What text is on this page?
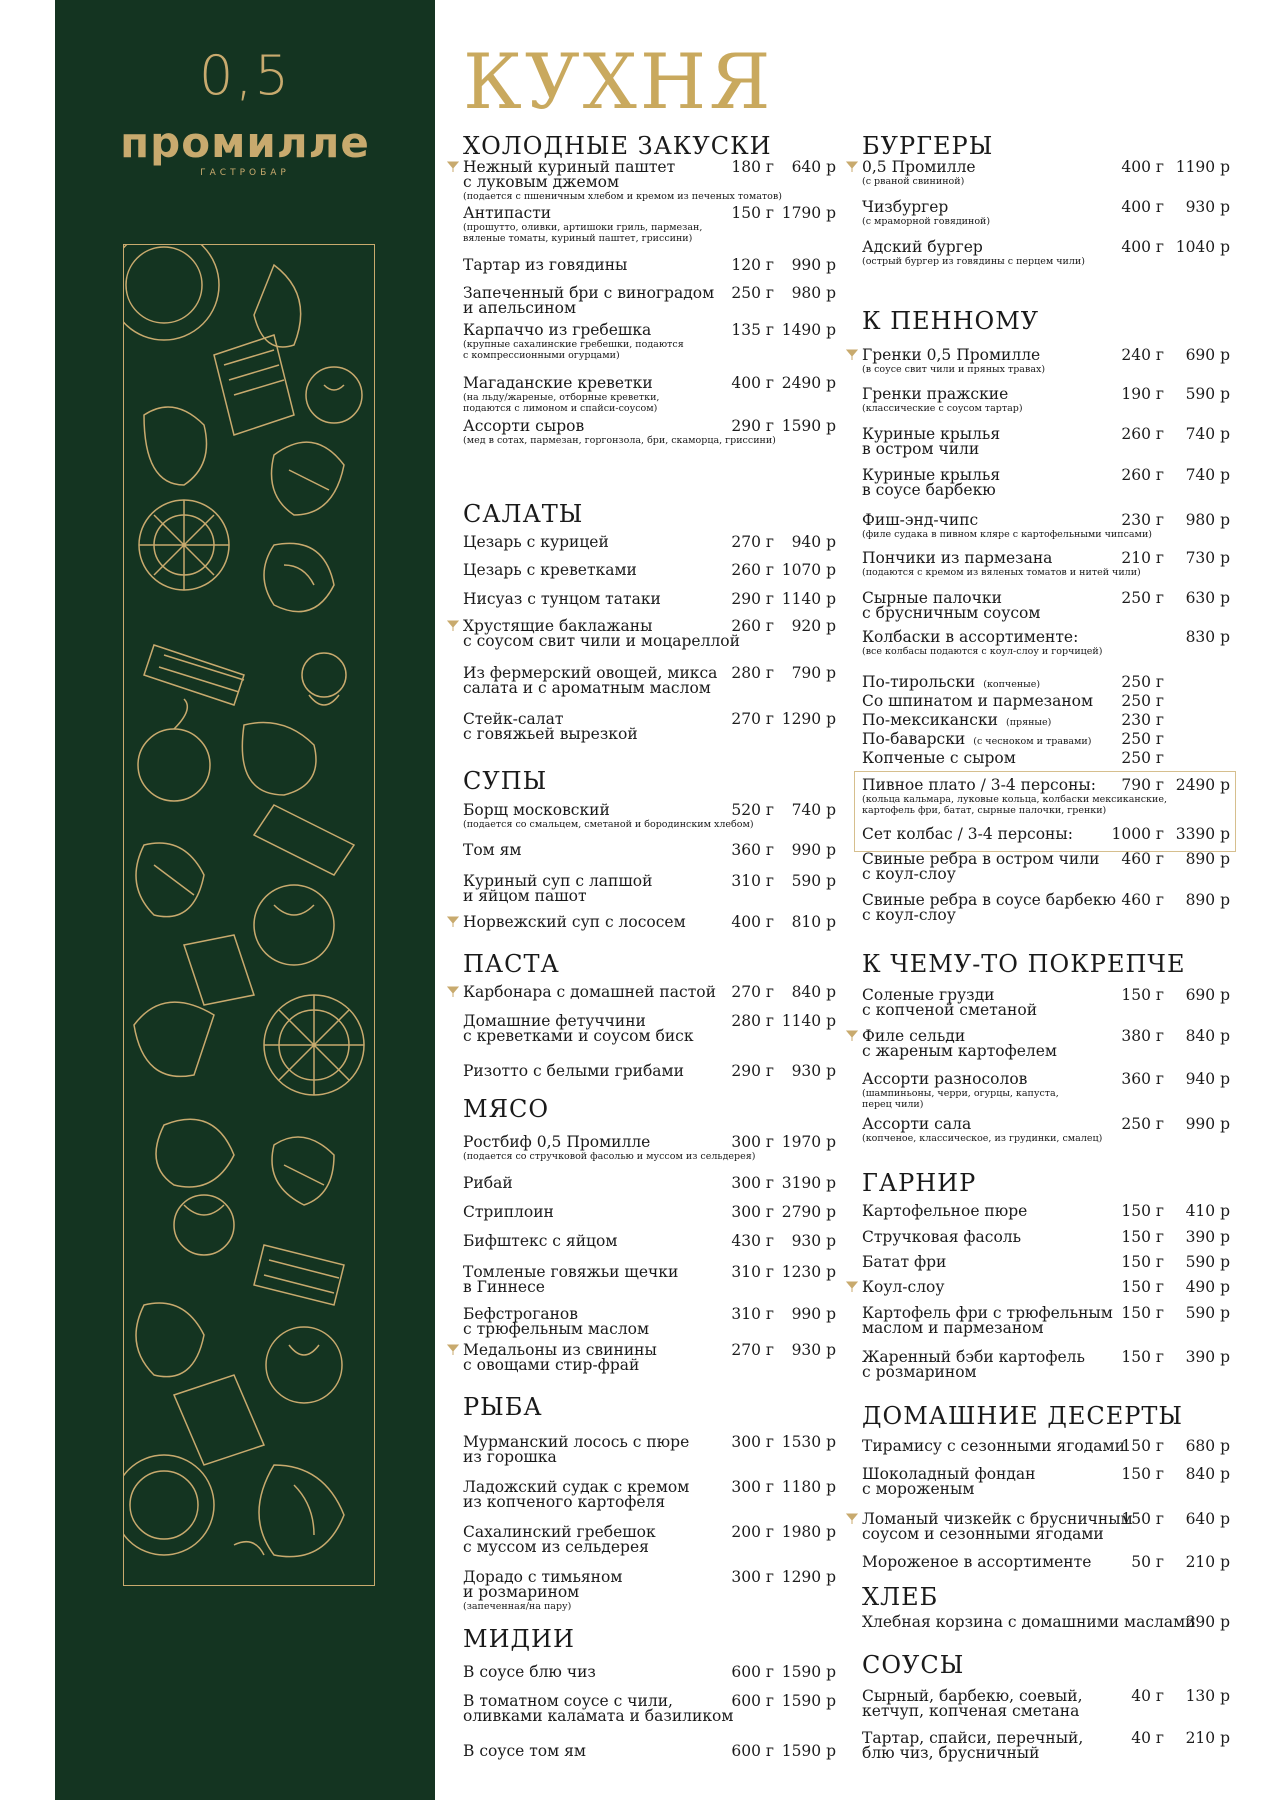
0,5
промилле
ГАСТРОБАР
КУХНЯ
ХОЛОДНЫЕ ЗАКУСКИ
Нежный куриный паштет
с луковым джемом
(подается с пшеничным хлебом и кремом из печеных томатов)
180 г 640 р
Антипасти
(прошутто, оливки, артишоки гриль, пармезан,
вяленые томаты, куриный паштет, гриссини)
150 г 1790 р
Тартар из говядины	120 г 990 р
Запеченный бри с виноградом
и апельсином
250 г 980 р
Карпаччо из гребешка
(крупные сахалинские гребешки, подаются
с компрессионными огурцами)
135 г 1490 р
Магаданские креветки
(на льду/жареные, отборные креветки,
подаются с лимоном и спайси-соусом)
400 г 2490 р
Ассорти сыров
(мед в сотах, пармезан, горгонзола, бри, скаморца, гриссини)
290 г 1590 р
САЛАТЫ
Цезарь с курицей	270 г 940 р
Цезарь с креветками	260 г 1070 р
Нисуаз с тунцом татаки	290 г 1140 р
Хрустящие баклажаны
с соусом свит чили и моцареллой
260 г 920 р
Из фермерский овощей, микса
салата и с ароматным маслом
280 г 790 р
Стейк-салат
с говяжьей вырезкой
270 г 1290 р
СУПЫ
Борщ московский
(подается со смальцем, сметаной и бородинским хлебом)
520 г 740 р
Том ям	360 г 990 р
Куриный суп с лапшой
и яйцом пашот
310 г 590 р
Норвежский суп с лососем	400 г 810 р
ПАСТА
Карбонара с домашней пастой 270 г 840 р
Домашние фетуччини
с креветками и соусом биск
280 г 1140 р
Ризотто с белыми грибами	290 г 930 р
МЯСО
Ростбиф 0,5 Промилле
(подается со стручковой фасолью и муссом из сельдерея)
300 г 1970 р
Рибай	300 г 3190 р
Стриплоин	300 г 2790 р
Бифштекс с яйцом	430 г 930 р
Томленые говяжьи щечки
в Гиннесе
310 г 1230 р
Бефстроганов
с трюфельным маслом
310 г 990 р
Медальоны из свинины
с овощами стир-фрай
270 г 930 р
РЫБА
Мурманский лосось с пюре
из горошка
300 г 1530 р
Ладожский судак с кремом
из копченого картофеля
300 г 1180 р
Сахалинский гребешок
с муссом из сельдерея
200 г 1980 р
Дорадо с тимьяном
и розмарином
(запеченная/на пару)
300 г 1290 р
МИДИИ
В соусе блю чиз	600 г 1590 р
В томатном соусе с чили,
оливками каламата и базиликом
600 г 1590 р
В соусе том ям	600 г 1590 р
БУРГЕРЫ
0,5 Промилле
(с рваной свининой)
400 г 1190 р
Чизбургер
(с мраморной говядиной)
400 г 930 р
Адский бургер
(острый бургер из говядины с перцем чили)
400 г 1040 р
К ПЕННОМУ
Гренки 0,5 Промилле
(в соусе свит чили и пряных травах)
240 г 690 р
Гренки пражские
(классические с соусом тартар)
190 г 590 р
Куриные крылья
в остром чили
260 г 740 р
Куриные крылья
в соусе барбекю
260 г 740 р
Фиш-энд-чипс
(филе судака в пивном кляре с картофельными чипсами)
230 г 980 р
Пончики из пармезана
(подаются с кремом из вяленых томатов и нитей чили)
210 г 730 р
Сырные палочки
с брусничным соусом
250 г 630 р
Колбаски в ассортименте:
(все колбасы подаются с коул-слоу и горчицей)
830 р
По-тирольски (копченые)	250 г
Со шпинатом и пармезаном	250 г
По-мексикански (пряные)	230 г
По-баварски (с чесноком и травами)	250 г
Копченые с сыром	250 г
Пивное плато / 3-4 персоны:
(кольца кальмара, луковые кольца, колбаски мексиканские,
картофель фри, батат, сырные палочки, гренки)
790 г 2490 р
Сет колбас / 3-4 персоны:	1000 г 3390 р
Свиные ребра в остром чили
с коул-слоу
460 г 890 р
Свиные ребра в соусе барбекю
с коул-слоу
460 г 890 р
К ЧЕМУ-ТО ПОКРЕПЧЕ
Соленые грузди
с копченой сметаной
150 г 690 р
Филе сельди
с жареным картофелем
380 г 840 р
Ассорти разносолов
(шампиньоны, черри, огурцы, капуста,
перец чили)
360 г 940 р
Ассорти сала
(копченое, классическое, из грудинки, смалец)
250 г 990 р
ГАРНИР
Картофельное пюре	150 г 410 р
Стручковая фасоль	150 г 390 р
Батат фри	150 г 590 р
Коул-слоу	150 г 490 р
Картофель фри с трюфельным
маслом и пармезаном
150 г 590 р
Жаренный бэби картофель
с розмарином
150 г 390 р
ДОМАШНИЕ ДЕСЕРТЫ
Тирамису с сезонными ягодами
150 г 680 р
Шоколадный фондан
с мороженым
150 г 840 р
Ломаный чизкейк с брусничным
соусом и сезонными ягодами
150 г 640 р
Мороженое в ассортименте	50 г 210 р
ХЛЕБ
Хлебная корзина с домашними маслами
390 р
СОУСЫ
Сырный, барбекю, соевый,
кетчуп, копченая сметана
40 г 130 р
Тартар, спайси, перечный,
блю чиз, брусничный
40 г 210 р
